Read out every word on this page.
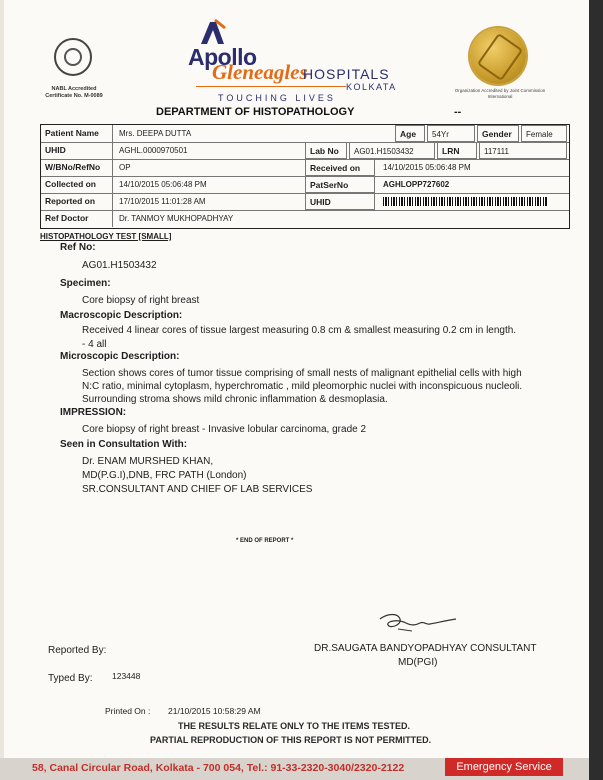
NABL Accredited
Certificate No. M-0089
Apollo
Gleneagles
HOSPITALS
KOLKATA
TOUCHING LIVES
DEPARTMENT OF HISTOPATHOLOGY	--
Organization Accredited by Joint Commission International
Patient Name	Mrs. DEEPA DUTTA	Age	54Yr	Gender	Female
UHID	AGHL.0000970501	Lab No	AG01.H1503432	LRN	117111
W/BNo/RefNo	OP	Received on	14/10/2015 05:06:48 PM
Collected on	14/10/2015 05:06:48 PM	PatSerNo	AGHLOPP727602
Reported on	17/10/2015 11:01:28 AM	UHID
Ref Doctor	Dr. TANMOY MUKHOPADHYAY
HISTOPATHOLOGY TEST [SMALL]
Ref No:
AG01.H1503432
Specimen:
Core biopsy of right breast
Macroscopic Description:
Received 4 linear cores of tissue largest measuring 0.8 cm & smallest measuring 0.2 cm in length.
- 4 all
Microscopic Description:
Section shows cores of tumor tissue comprising of small nests of malignant epithelial cells with high
N:C ratio, minimal cytoplasm, hyperchromatic , mild pleomorphic nuclei with inconspicuous nucleoli.
Surrounding stroma shows mild chronic inflammation & desmoplasia.
IMPRESSION:
Core biopsy of right breast - Invasive lobular carcinoma, grade 2
Seen in Consultation With:
Dr. ENAM MURSHED KHAN,
MD(P.G.I),DNB, FRC PATH (London)
SR.CONSULTANT AND CHIEF OF LAB SERVICES
* END OF REPORT *
Reported By:	DR.SAUGATA BANDYOPADHYAY CONSULTANT
MD(PGI)
Typed By: 123448
Printed On : 21/10/2015 10:58:29 AM
THE RESULTS RELATE ONLY TO THE ITEMS TESTED.
PARTIAL REPRODUCTION OF THIS REPORT IS NOT PERMITTED.
58, Canal Circular Road, Kolkata - 700 054, Tel.: 91-33-2320-3040/2320-2122	Emergency Service
